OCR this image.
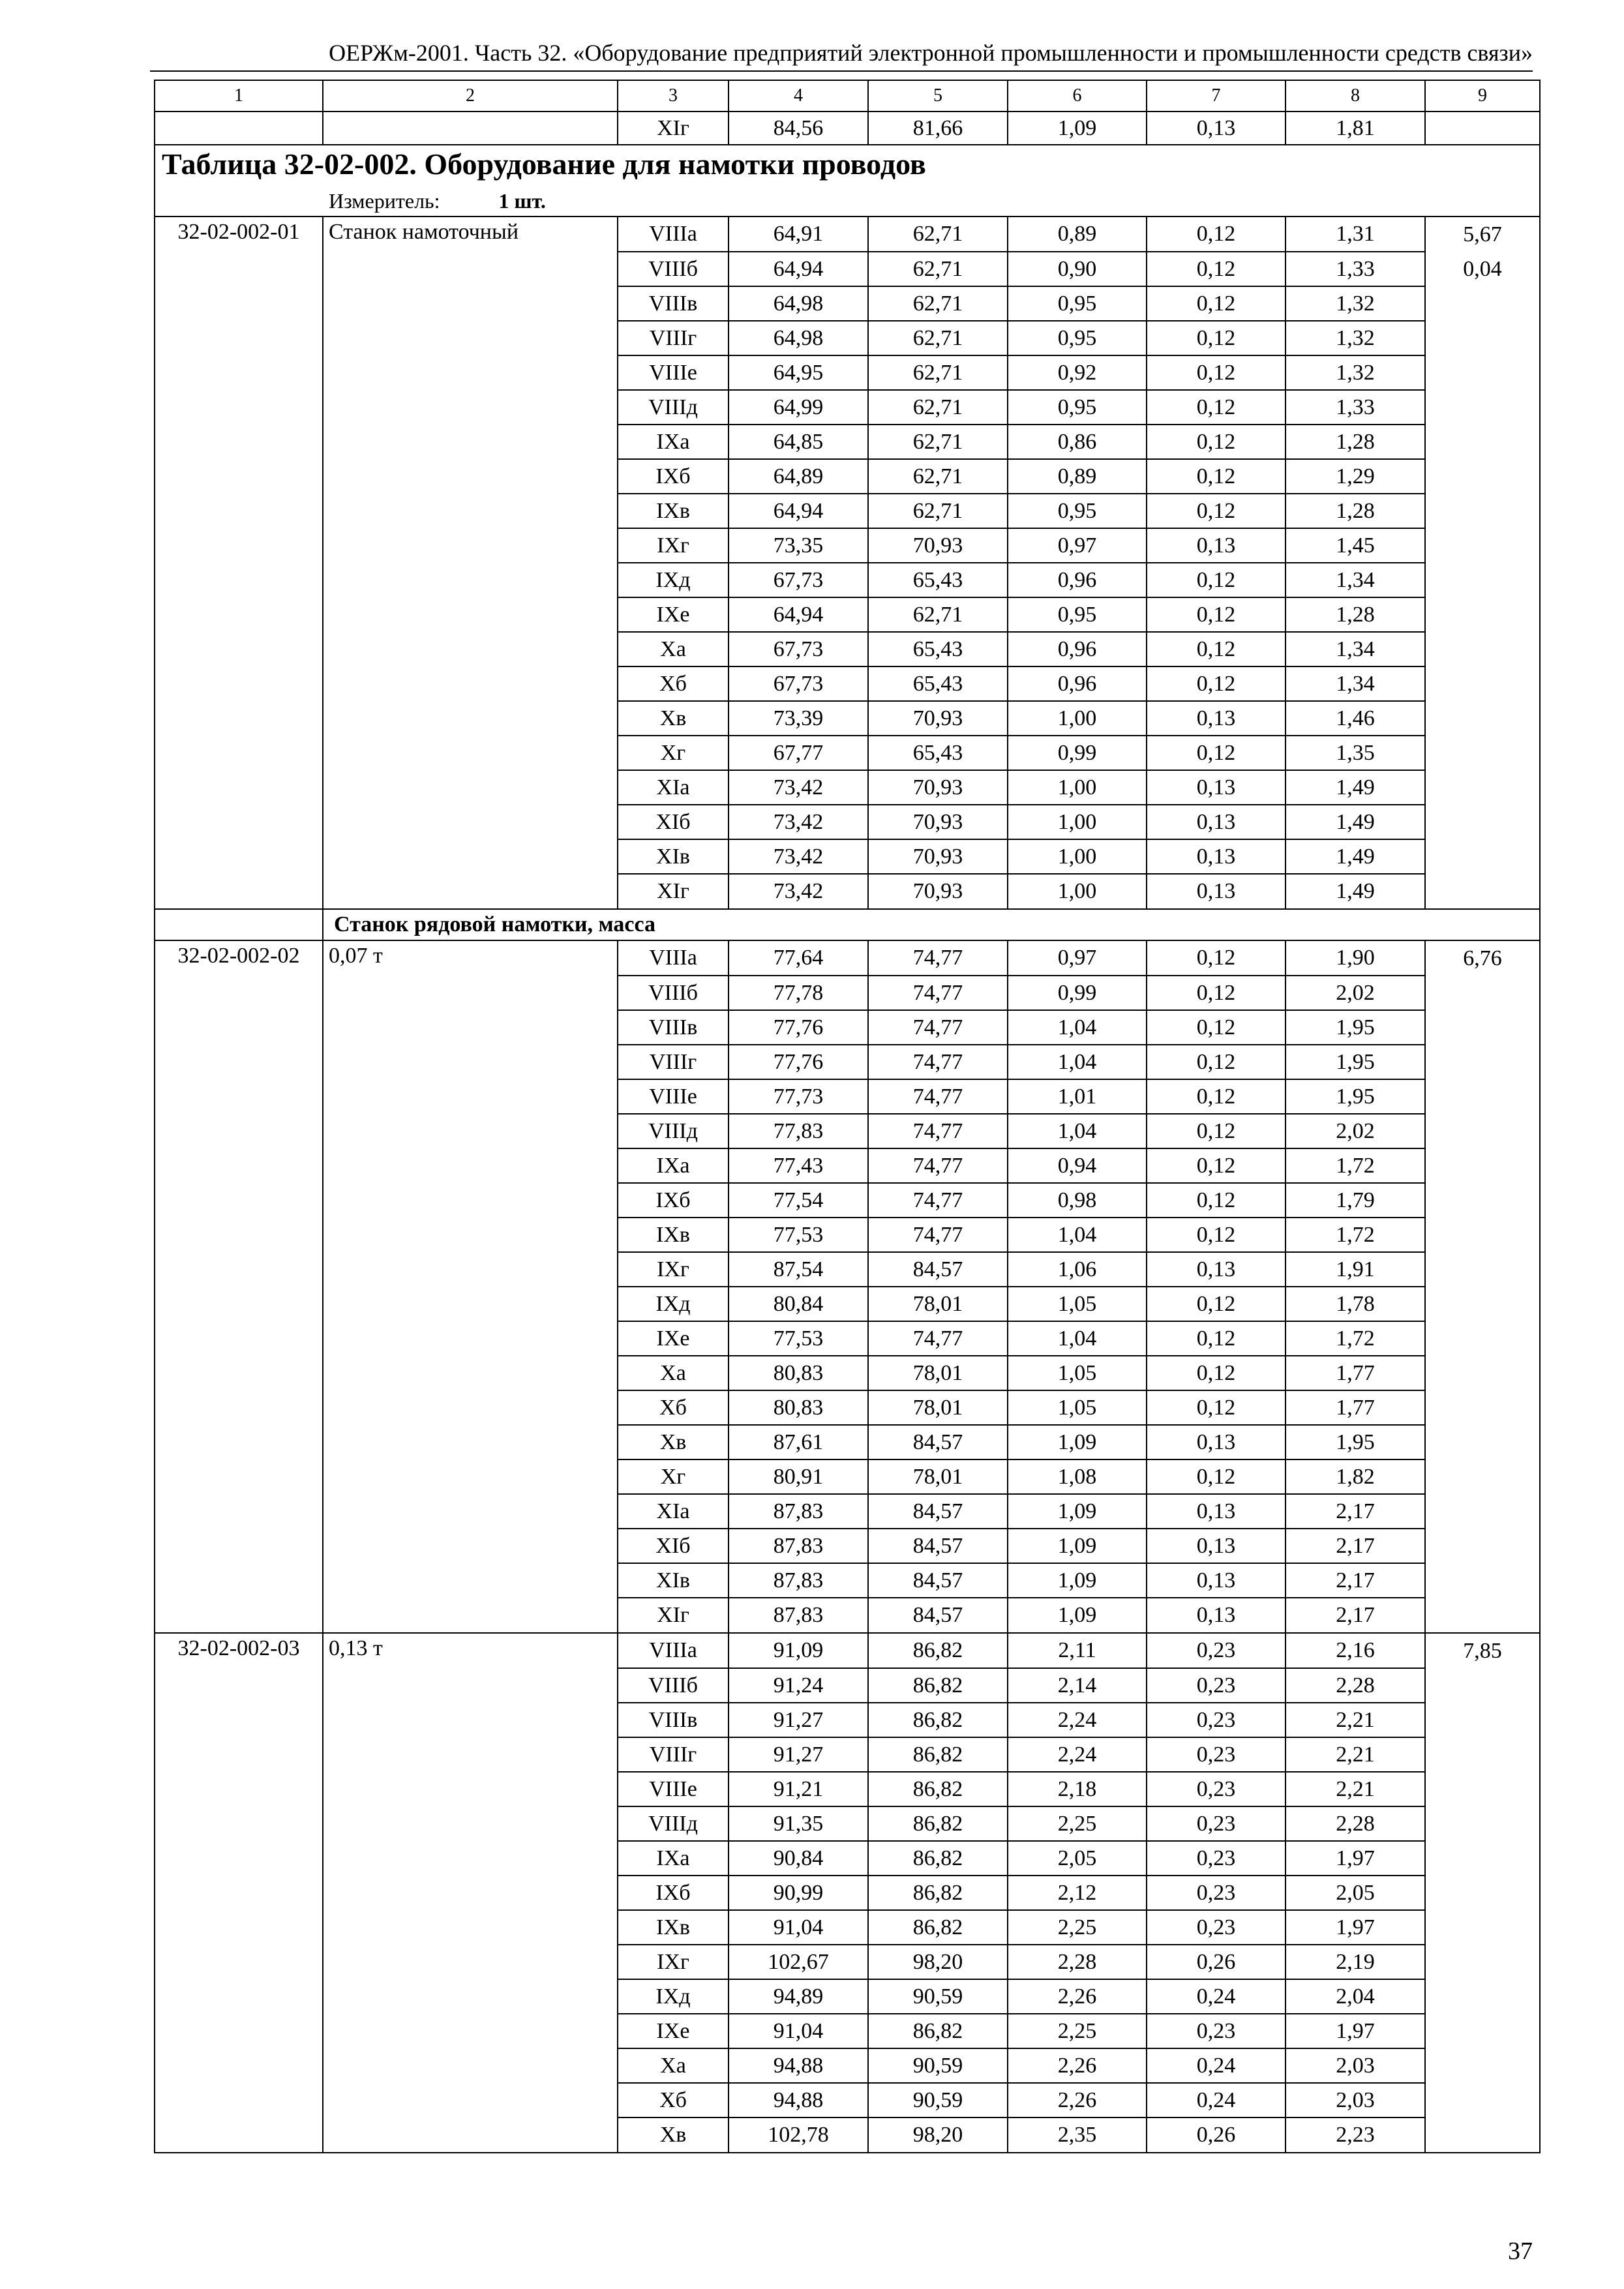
ОЕРЖм-2001. Часть 32. «Оборудование предприятий электронной промышленности и промышленности средств связи»
1	2	3	4	5	6	7	8	9
		ХIг	84,56	81,66	1,09	0,13	1,81	
Таблица 32-02-002. Оборудование для намотки проводов								
Измеритель: 1 шт.								
32-02-002-01	Станок намоточный	VIIIа	64,91	62,71	0,89	0,12	1,31	5,67
		VIIIб	64,94	62,71	0,90	0,12	1,33	0,04
		VIIIв	64,98	62,71	0,95	0,12	1,32	
		VIIIг	64,98	62,71	0,95	0,12	1,32	
		VIIIе	64,95	62,71	0,92	0,12	1,32	
		VIIIд	64,99	62,71	0,95	0,12	1,33	
		IXа	64,85	62,71	0,86	0,12	1,28	
		IXб	64,89	62,71	0,89	0,12	1,29	
		IXв	64,94	62,71	0,95	0,12	1,28	
		IXг	73,35	70,93	0,97	0,13	1,45	
		IXд	67,73	65,43	0,96	0,12	1,34	
		IXе	64,94	62,71	0,95	0,12	1,28	
		Xа	67,73	65,43	0,96	0,12	1,34	
		Xб	67,73	65,43	0,96	0,12	1,34	
		Xв	73,39	70,93	1,00	0,13	1,46	
		Xг	67,77	65,43	0,99	0,12	1,35	
		XIа	73,42	70,93	1,00	0,13	1,49	
		XIб	73,42	70,93	1,00	0,13	1,49	
		XIв	73,42	70,93	1,00	0,13	1,49	
		XIг	73,42	70,93	1,00	0,13	1,49	

	Станок рядовой намотки, масса							

32-02-002-02	0,07 т	VIIIа	77,64	74,77	0,97	0,12	1,90	6,76
		VIIIб	77,78	74,77	0,99	0,12	2,02	
		VIIIв	77,76	74,77	1,04	0,12	1,95	
		VIIIг	77,76	74,77	1,04	0,12	1,95	
		VIIIе	77,73	74,77	1,01	0,12	1,95	
		VIIIд	77,83	74,77	1,04	0,12	2,02	
		IXа	77,43	74,77	0,94	0,12	1,72	
		IXб	77,54	74,77	0,98	0,12	1,79	
		IXв	77,53	74,77	1,04	0,12	1,72	
		IXг	87,54	84,57	1,06	0,13	1,91	
		IXд	80,84	78,01	1,05	0,12	1,78	
		IXе	77,53	74,77	1,04	0,12	1,72	
		Xа	80,83	78,01	1,05	0,12	1,77	
		Xб	80,83	78,01	1,05	0,12	1,77	
		Xв	87,61	84,57	1,09	0,13	1,95	
		Xг	80,91	78,01	1,08	0,12	1,82	
		XIа	87,83	84,57	1,09	0,13	2,17	
		XIб	87,83	84,57	1,09	0,13	2,17	
		XIв	87,83	84,57	1,09	0,13	2,17	
		XIг	87,83	84,57	1,09	0,13	2,17	
32-02-002-03	0,13 т	VIIIа	91,09	86,82	2,11	0,23	2,16	7,85
		VIIIб	91,24	86,82	2,14	0,23	2,28	
		VIIIв	91,27	86,82	2,24	0,23	2,21	
		VIIIг	91,27	86,82	2,24	0,23	2,21	
		VIIIе	91,21	86,82	2,18	0,23	2,21	
		VIIIд	91,35	86,82	2,25	0,23	2,28	
		IXа	90,84	86,82	2,05	0,23	1,97	
		IXб	90,99	86,82	2,12	0,23	2,05	
		IXв	91,04	86,82	2,25	0,23	1,97	
		IXг	102,67	98,20	2,28	0,26	2,19	
		IXд	94,89	90,59	2,26	0,24	2,04	
		IXе	91,04	86,82	2,25	0,23	1,97	
		Xа	94,88	90,59	2,26	0,24	2,03	
		Xб	94,88	90,59	2,26	0,24	2,03	
		Xв	102,78	98,20	2,35	0,26	2,23	
37
